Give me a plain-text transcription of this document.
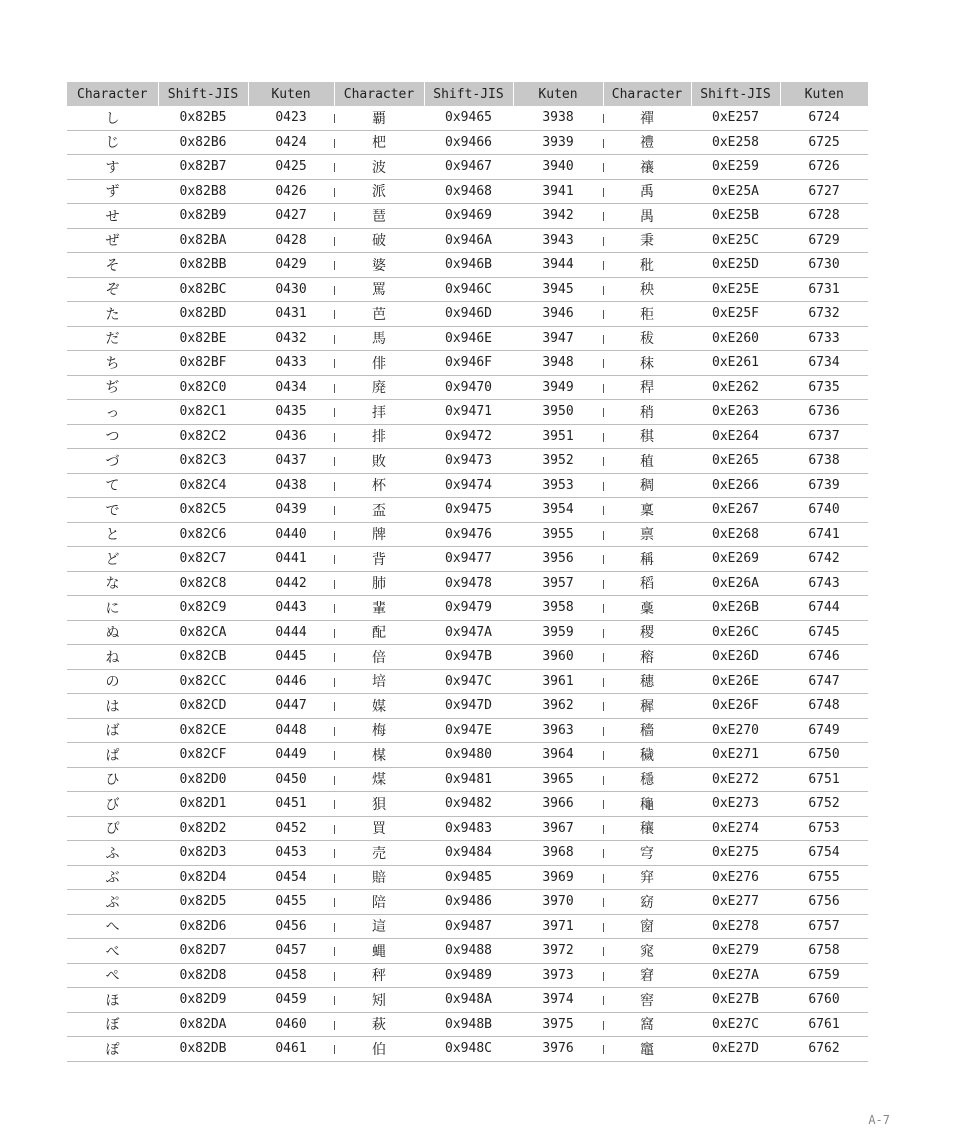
Character	Shift-JIS	Kuten	Character	Shift-JIS	Kuten	Character	Shift-JIS	Kuten
し	0x82B5	0423	覇	0x9465	3938	禪	0xE257	6724
じ	0x82B6	0424	杷	0x9466	3939	禮	0xE258	6725
す	0x82B7	0425	波	0x9467	3940	禳	0xE259	6726
ず	0x82B8	0426	派	0x9468	3941	禹	0xE25A	6727
せ	0x82B9	0427	琶	0x9469	3942	禺	0xE25B	6728
ぜ	0x82BA	0428	破	0x946A	3943	秉	0xE25C	6729
そ	0x82BB	0429	婆	0x946B	3944	秕	0xE25D	6730
ぞ	0x82BC	0430	罵	0x946C	3945	秧	0xE25E	6731
た	0x82BD	0431	芭	0x946D	3946	秬	0xE25F	6732
だ	0x82BE	0432	馬	0x946E	3947	秡	0xE260	6733
ち	0x82BF	0433	俳	0x946F	3948	秣	0xE261	6734
ぢ	0x82C0	0434	廃	0x9470	3949	稈	0xE262	6735
っ	0x82C1	0435	拝	0x9471	3950	稍	0xE263	6736
つ	0x82C2	0436	排	0x9472	3951	稘	0xE264	6737
づ	0x82C3	0437	敗	0x9473	3952	稙	0xE265	6738
て	0x82C4	0438	杯	0x9474	3953	稠	0xE266	6739
で	0x82C5	0439	盃	0x9475	3954	稟	0xE267	6740
と	0x82C6	0440	牌	0x9476	3955	禀	0xE268	6741
ど	0x82C7	0441	背	0x9477	3956	稱	0xE269	6742
な	0x82C8	0442	肺	0x9478	3957	稻	0xE26A	6743
に	0x82C9	0443	輩	0x9479	3958	稾	0xE26B	6744
ぬ	0x82CA	0444	配	0x947A	3959	稷	0xE26C	6745
ね	0x82CB	0445	倍	0x947B	3960	穃	0xE26D	6746
の	0x82CC	0446	培	0x947C	3961	穗	0xE26E	6747
は	0x82CD	0447	媒	0x947D	3962	穉	0xE26F	6748
ば	0x82CE	0448	梅	0x947E	3963	穡	0xE270	6749
ぱ	0x82CF	0449	楳	0x9480	3964	穢	0xE271	6750
ひ	0x82D0	0450	煤	0x9481	3965	穩	0xE272	6751
び	0x82D1	0451	狽	0x9482	3966	龝	0xE273	6752
ぴ	0x82D2	0452	買	0x9483	3967	穰	0xE274	6753
ふ	0x82D3	0453	売	0x9484	3968	穹	0xE275	6754
ぶ	0x82D4	0454	賠	0x9485	3969	穽	0xE276	6755
ぷ	0x82D5	0455	陪	0x9486	3970	窈	0xE277	6756
へ	0x82D6	0456	這	0x9487	3971	窗	0xE278	6757
べ	0x82D7	0457	蝿	0x9488	3972	窕	0xE279	6758
ぺ	0x82D8	0458	秤	0x9489	3973	窘	0xE27A	6759
ほ	0x82D9	0459	矧	0x948A	3974	窖	0xE27B	6760
ぼ	0x82DA	0460	萩	0x948B	3975	窩	0xE27C	6761
ぽ	0x82DB	0461	伯	0x948C	3976	竈	0xE27D	6762
A-7
